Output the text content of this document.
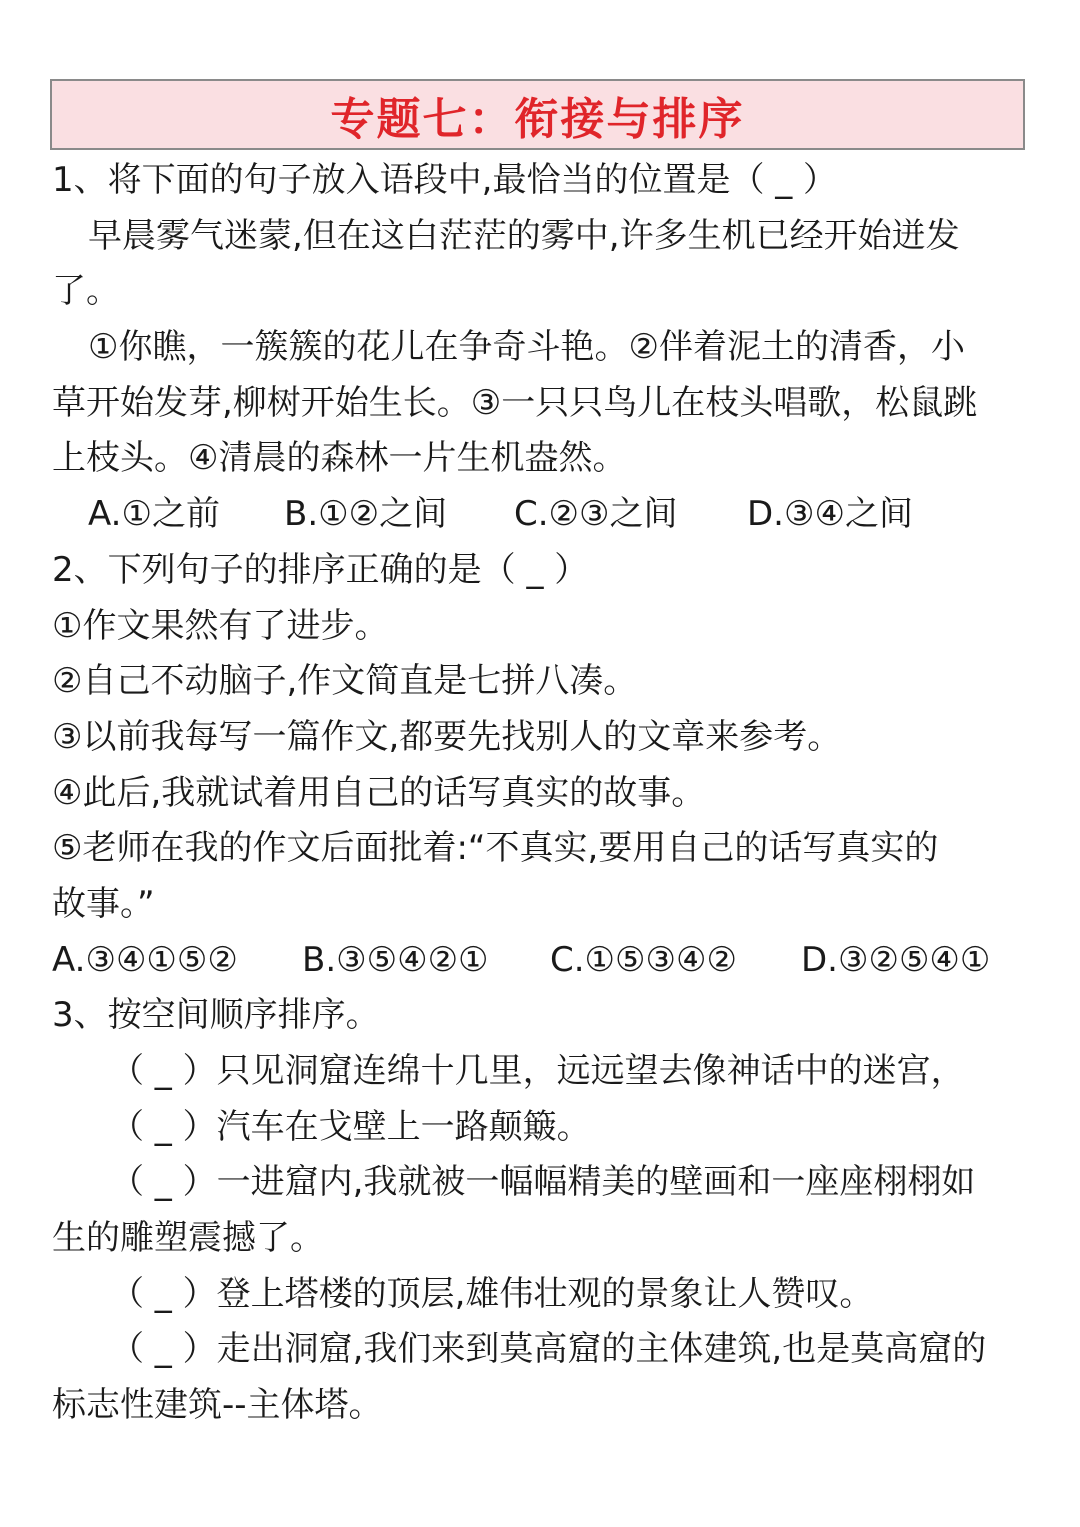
专题七：衔接与排序
1、将下面的句子放入语段中,最恰当的位置是（ _ ）
早晨雾气迷蒙,但在这白茫茫的雾中,许多生机已经开始迸发
了。
①你瞧，一簇簇的花儿在争奇斗艳。②伴着泥土的清香，小
草开始发芽,柳树开始生长。③一只只鸟儿在枝头唱歌，松鼠跳
上枝头。④清晨的森林一片生机盎然。
A.①之前	B.①②之间	C.②③之间	D.③④之间
2、下列句子的排序正确的是（ _ ）
①作文果然有了进步。
②自己不动脑子,作文简直是七拼八凑。
③以前我每写一篇作文,都要先找别人的文章来参考。
④此后,我就试着用自己的话写真实的故事。
⑤老师在我的作文后面批着:“不真实,要用自己的话写真实的
故事。”
A.③④①⑤②	B.③⑤④②①	C.①⑤③④②	D.③②⑤④①
3、按空间顺序排序。
（ _ ）只见洞窟连绵十几里，远远望去像神话中的迷宫，
（ _ ）汽车在戈壁上一路颠簸。
（ _ ）一进窟内,我就被一幅幅精美的壁画和一座座栩栩如
生的雕塑震撼了。
（ _ ）登上塔楼的顶层,雄伟壮观的景象让人赞叹。
（ _ ）走出洞窟,我们来到莫高窟的主体建筑,也是莫高窟的
标志性建筑--主体塔。
